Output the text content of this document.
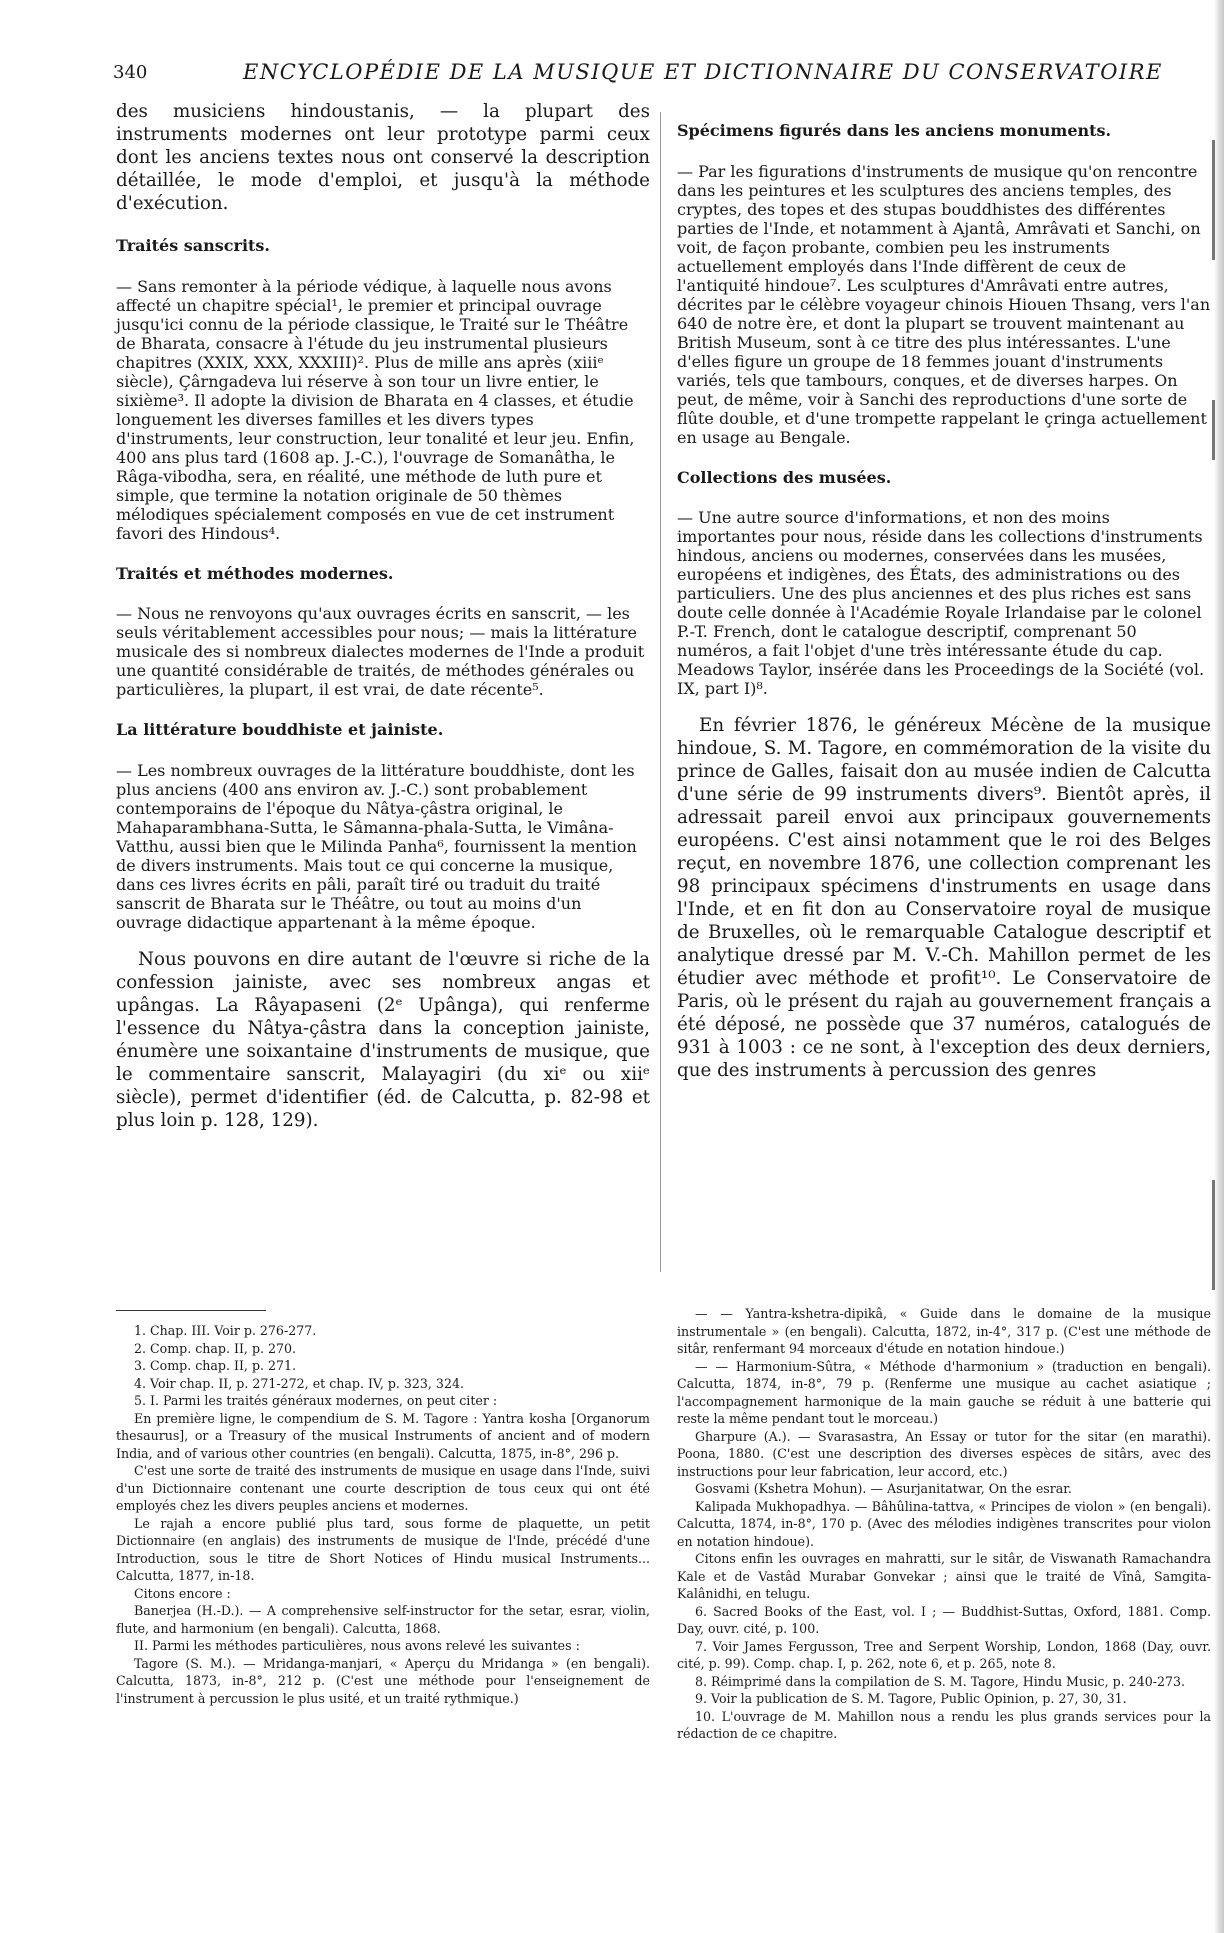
340	ENCYCLOPÉDIE DE LA MUSIQUE ET DICTIONNAIRE DU CONSERVATOIRE

des musiciens hindoustanis, — la plupart des instruments modernes ont leur prototype parmi ceux dont les anciens textes nous ont conservé la description détaillée, le mode d'emploi, et jusqu'à la méthode d'exécution.

Traités sanscrits.
— Sans remonter à la période védique, à laquelle nous avons affecté un chapitre spécial¹, le premier et principal ouvrage jusqu'ici connu de la période classique, le Traité sur le Théâtre de Bharata, consacre à l'étude du jeu instrumental plusieurs chapitres (XXIX, XXX, XXXIII)². Plus de mille ans après (xiiiᵉ siècle), Çârngadeva lui réserve à son tour un livre entier, le sixième³. Il adopte la division de Bharata en 4 classes, et étudie longuement les diverses familles et les divers types d'instruments, leur construction, leur tonalité et leur jeu. Enfin, 400 ans plus tard (1608 ap. J.-C.), l'ouvrage de Somanâtha, le Râga-vibodha, sera, en réalité, une méthode de luth pure et simple, que termine la notation originale de 50 thèmes mélodiques spécialement composés en vue de cet instrument favori des Hindous⁴.

Traités et méthodes modernes.
— Nous ne renvoyons qu'aux ouvrages écrits en sanscrit, — les seuls véritablement accessibles pour nous; — mais la littérature musicale des si nombreux dialectes modernes de l'Inde a produit une quantité considérable de traités, de méthodes générales ou particulières, la plupart, il est vrai, de date récente⁵.

La littérature bouddhiste et jainiste.
— Les nombreux ouvrages de la littérature bouddhiste, dont les plus anciens (400 ans environ av. J.-C.) sont probablement contemporains de l'époque du Nâtya-çâstra original, le Mahaparambhana-Sutta, le Sâmanna-phala-Sutta, le Vimâna-Vatthu, aussi bien que le Milinda Panha⁶, fournissent la mention de divers instruments. Mais tout ce qui concerne la musique, dans ces livres écrits en pâli, paraît tiré ou traduit du traité sanscrit de Bharata sur le Théâtre, ou tout au moins d'un ouvrage didactique appartenant à la même époque.

Nous pouvons en dire autant de l'œuvre si riche de la confession jainiste, avec ses nombreux angas et upângas. La Râyapaseni (2ᵉ Upânga), qui renferme l'essence du Nâtya-çâstra dans la conception jainiste, énumère une soixantaine d'instruments de musique, que le commentaire sanscrit, Malayagiri (du xiᵉ ou xiiᵉ siècle), permet d'identifier (éd. de Calcutta, p. 82-98 et plus loin p. 128, 129).

Spécimens figurés dans les anciens monuments.
— Par les figurations d'instruments de musique qu'on rencontre dans les peintures et les sculptures des anciens temples, des cryptes, des topes et des stupas bouddhistes des différentes parties de l'Inde, et notamment à Ajantâ, Amrâvati et Sanchi, on voit, de façon probante, combien peu les instruments actuellement employés dans l'Inde diffèrent de ceux de l'antiquité hindoue⁷. Les sculptures d'Amrâvati entre autres, décrites par le célèbre voyageur chinois Hiouen Thsang, vers l'an 640 de notre ère, et dont la plupart se trouvent maintenant au British Museum, sont à ce titre des plus intéressantes. L'une d'elles figure un groupe de 18 femmes jouant d'instruments variés, tels que tambours, conques, et de diverses harpes. On peut, de même, voir à Sanchi des reproductions d'une sorte de flûte double, et d'une trompette rappelant le çringa actuellement en usage au Bengale.

Collections des musées.
— Une autre source d'informations, et non des moins importantes pour nous, réside dans les collections d'instruments hindous, anciens ou modernes, conservées dans les musées, européens et indigènes, des États, des administrations ou des particuliers. Une des plus anciennes et des plus riches est sans doute celle donnée à l'Académie Royale Irlandaise par le colonel P.-T. French, dont le catalogue descriptif, comprenant 50 numéros, a fait l'objet d'une très intéressante étude du cap. Meadows Taylor, insérée dans les Proceedings de la Société (vol. IX, part I)⁸.

En février 1876, le généreux Mécène de la musique hindoue, S. M. Tagore, en commémoration de la visite du prince de Galles, faisait don au musée indien de Calcutta d'une série de 99 instruments divers⁹. Bientôt après, il adressait pareil envoi aux principaux gouvernements européens. C'est ainsi notamment que le roi des Belges reçut, en novembre 1876, une collection comprenant les 98 principaux spécimens d'instruments en usage dans l'Inde, et en fit don au Conservatoire royal de musique de Bruxelles, où le remarquable Catalogue descriptif et analytique dressé par M. V.-Ch. Mahillon permet de les étudier avec méthode et profit¹⁰. Le Conservatoire de Paris, où le présent du rajah au gouvernement français a été déposé, ne possède que 37 numéros, catalogués de 931 à 1003 : ce ne sont, à l'exception des deux derniers, que des instruments à percussion des genres

1. Chap. III. Voir p. 276-277.

2. Comp. chap. II, p. 270.

3. Comp. chap. II, p. 271.

4. Voir chap. II, p. 271-272, et chap. IV, p. 323, 324.

5. I. Parmi les traités généraux modernes, on peut citer :

En première ligne, le compendium de S. M. Tagore : Yantra kosha [Organorum thesaurus], or a Treasury of the musical Instruments of ancient and of modern India, and of various other countries (en bengali). Calcutta, 1875, in-8°, 296 p.

C'est une sorte de traité des instruments de musique en usage dans l'Inde, suivi d'un Dictionnaire contenant une courte description de tous ceux qui ont été employés chez les divers peuples anciens et modernes.

Le rajah a encore publié plus tard, sous forme de plaquette, un petit Dictionnaire (en anglais) des instruments de musique de l'Inde, précédé d'une Introduction, sous le titre de Short Notices of Hindu musical Instruments... Calcutta, 1877, in-18.

Citons encore :

Banerjea (H.-D.). — A comprehensive self-instructor for the setar, esrar, violin, flute, and harmonium (en bengali). Calcutta, 1868.

II. Parmi les méthodes particulières, nous avons relevé les suivantes :

Tagore (S. M.). — Mridanga-manjari, « Aperçu du Mridanga » (en bengali). Calcutta, 1873, in-8°, 212 p. (C'est une méthode pour l'enseignement de l'instrument à percussion le plus usité, et un traité rythmique.)

— — Yantra-kshetra-dipikâ, « Guide dans le domaine de la musique instrumentale » (en bengali). Calcutta, 1872, in-4°, 317 p. (C'est une méthode de sitâr, renfermant 94 morceaux d'étude en notation hindoue.)

— — Harmonium-Sûtra, « Méthode d'harmonium » (traduction en bengali). Calcutta, 1874, in-8°, 79 p. (Renferme une musique au cachet asiatique ; l'accompagnement harmonique de la main gauche se réduit à une batterie qui reste la même pendant tout le morceau.)

Gharpure (A.). — Svarasastra, An Essay or tutor for the sitar (en marathi). Poona, 1880. (C'est une description des diverses espèces de sitârs, avec des instructions pour leur fabrication, leur accord, etc.)

Gosvami (Kshetra Mohun). — Asurjanitatwar, On the esrar.

Kalipada Mukhopadhya. — Bâhûlina-tattva, « Principes de violon » (en bengali). Calcutta, 1874, in-8°, 170 p. (Avec des mélodies indigènes transcrites pour violon en notation hindoue).

Citons enfin les ouvrages en mahratti, sur le sitâr, de Viswanath Ramachandra Kale et de Vastâd Murabar Gonvekar ; ainsi que le traité de Vînâ, Samgita-Kalânidhi, en telugu.

6. Sacred Books of the East, vol. I ; — Buddhist-Suttas, Oxford, 1881. Comp. Day, ouvr. cité, p. 100.

7. Voir James Fergusson, Tree and Serpent Worship, London, 1868 (Day, ouvr. cité, p. 99). Comp. chap. I, p. 262, note 6, et p. 265, note 8.

8. Réimprimé dans la compilation de S. M. Tagore, Hindu Music, p. 240-273.

9. Voir la publication de S. M. Tagore, Public Opinion, p. 27, 30, 31.

10. L'ouvrage de M. Mahillon nous a rendu les plus grands services pour la rédaction de ce chapitre.
